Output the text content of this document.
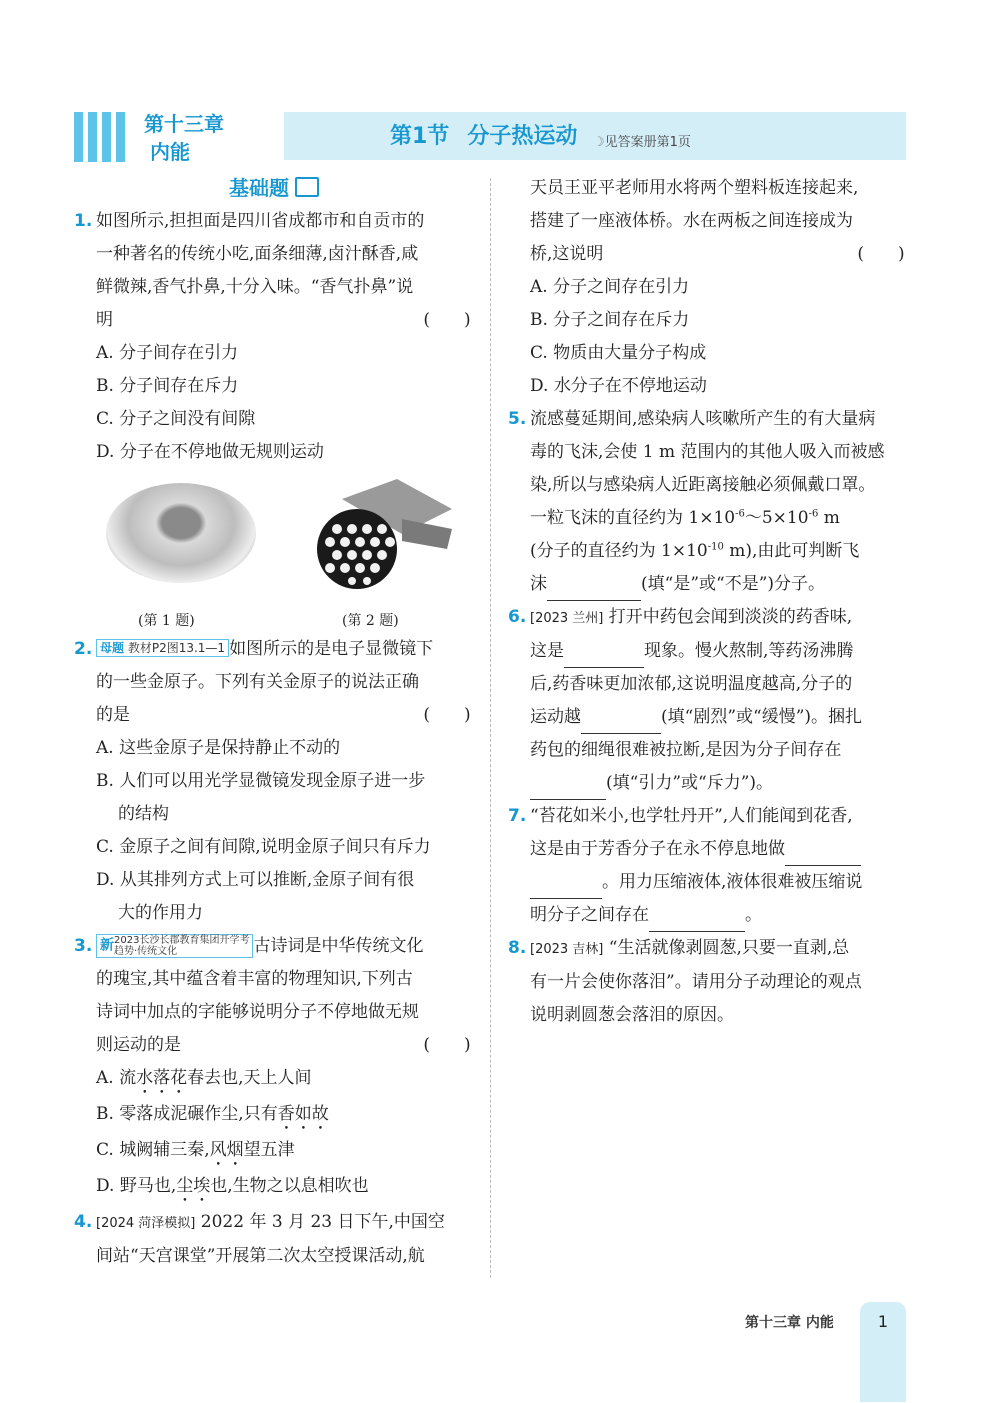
第十三章
内能
第1节 分子热运动 ☽见答案册第1页
基础题
1. 如图所示,担担面是四川省成都市和自贡市的
一种著名的传统小吃,面条细薄,卤汁酥香,咸
鲜微辣,香气扑鼻,十分入味。“香气扑鼻”说
明	(　　)
A. 分子间存在引力
B. 分子间存在斥力
C. 分子之间没有间隙
D. 分子在不停地做无规则运动
(第 1 题)	(第 2 题)
2. 母题 教材P2图13.1—1 如图所示的是电子显微镜下
的一些金原子。下列有关金原子的说法正确
的是	(　　)
A. 这些金原子是保持静止不动的
B. 人们可以用光学显微镜发现金原子进一步
的结构
C. 金原子之间有间隙,说明金原子间只有斥力
D. 从其排列方式上可以推断,金原子间有很
大的作用力
3. 新2023长沙长郡教育集团开学考
趋势·传统文化	古诗词是中华传统文化
的瑰宝,其中蕴含着丰富的物理知识,下列古
诗词中加点的字能够说明分子不停地做无规
则运动的是	(　　)
A. 流水落花春去也,天上人间
B. 零落成泥碾作尘,只有香如故
C. 城阙辅三秦,风烟望五津
D. 野马也,尘埃也,生物之以息相吹也
4. [2024 菏泽模拟] 2022 年 3 月 23 日下午,中国空
间站“天宫课堂”开展第二次太空授课活动,航
天员王亚平老师用水将两个塑料板连接起来,
搭建了一座液体桥。水在两板之间连接成为
桥,这说明	(　　)
A. 分子之间存在引力
B. 分子之间存在斥力
C. 物质由大量分子构成
D. 水分子在不停地运动
5. 流感蔓延期间,感染病人咳嗽所产生的有大量病
毒的飞沫,会使 1 m 范围内的其他人吸入而被感
染,所以与感染病人近距离接触必须佩戴口罩。
一粒飞沫的直径约为 $1\times 10^{-6}\sim 5\times 10^{-6}$ m
(分子的直径约为 $1\times 10^{-10}$ m),由此可判断飞
沫	(填“是”或“不是”)分子。
6. [2023 兰州] 打开中药包会闻到淡淡的药香味,
这是	现象。慢火熬制,等药汤沸腾
后,药香味更加浓郁,这说明温度越高,分子的
运动越	(填“剧烈”或“缓慢”)。捆扎
药包的细绳很难被拉断,是因为分子间存在
(填“引力”或“斥力”)。
7. “苔花如米小,也学牡丹开”,人们能闻到花香,
这是由于芳香分子在永不停息地做
。用力压缩液体,液体很难被压缩说
明分子之间存在	。
8. [2023 吉林] “生活就像剥圆葱,只要一直剥,总
有一片会使你落泪”。请用分子动理论的观点
说明剥圆葱会落泪的原因。
第十三章 内能	1
